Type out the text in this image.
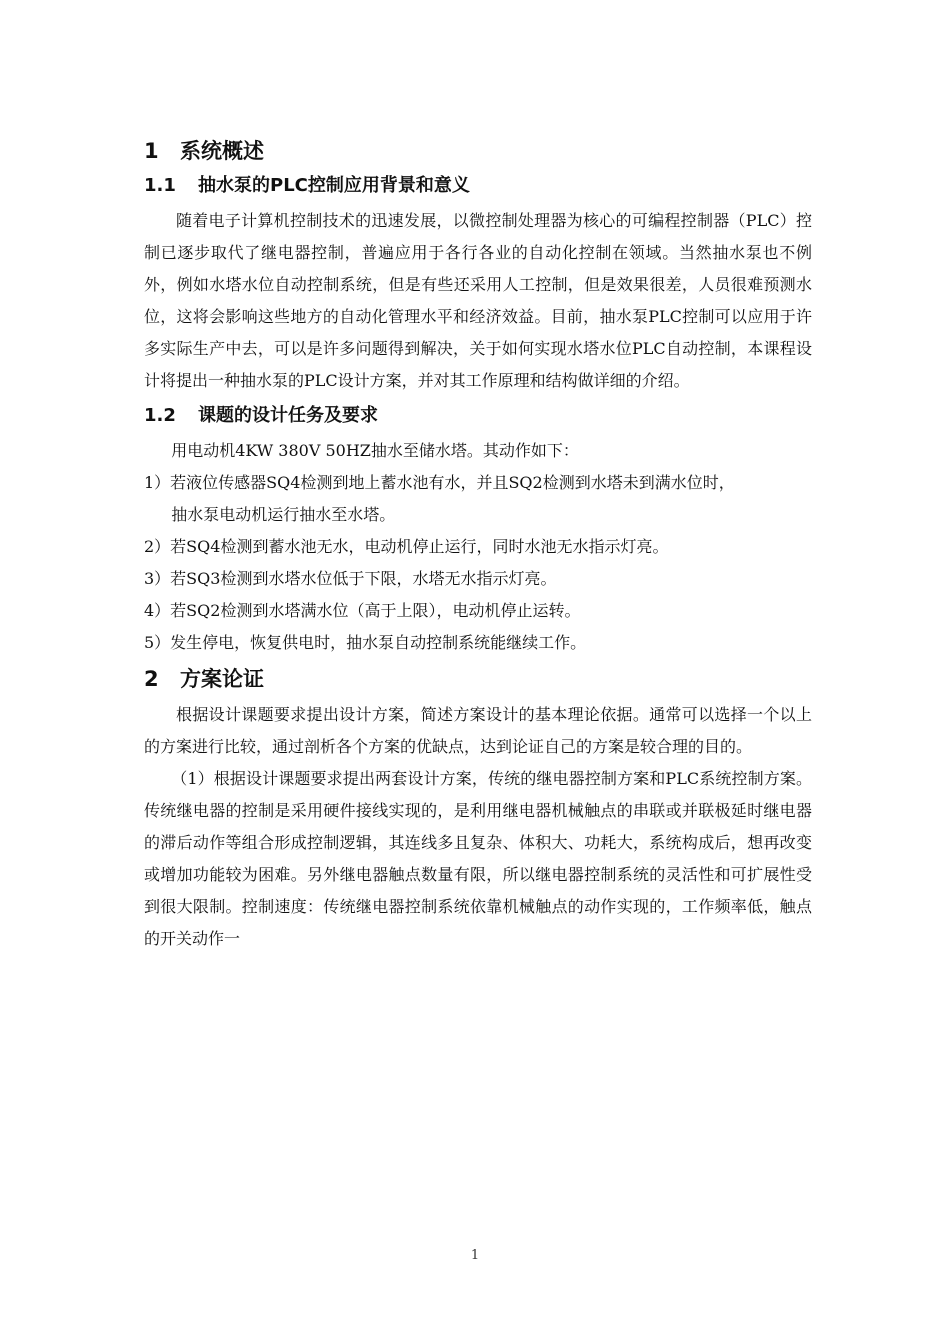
1 系统概述
1.1 抽水泵的PLC控制应用背景和意义

随着电子计算机控制技术的迅速发展，以微控制处理器为核心的可编程控制器（PLC）控制已逐步取代了继电器控制，普遍应用于各行各业的自动化控制在领域。当然抽水泵也不例外，例如水塔水位自动控制系统，但是有些还采用人工控制，但是效果很差，人员很难预测水位，这将会影响这些地方的自动化管理水平和经济效益。目前，抽水泵PLC控制可以应用于许多实际生产中去，可以是许多问题得到解决，关于如何实现水塔水位PLC自动控制，本课程设计将提出一种抽水泵的PLC设计方案，并对其工作原理和结构做详细的介绍。

1.2 课题的设计任务及要求

用电动机4KW 380V 50HZ抽水至储水塔。其动作如下：

1）若液位传感器SQ4检测到地上蓄水池有水，并且SQ2检测到水塔未到满水位时，

抽水泵电动机运行抽水至水塔。

2）若SQ4检测到蓄水池无水，电动机停止运行，同时水池无水指示灯亮。

3）若SQ3检测到水塔水位低于下限，水塔无水指示灯亮。

4）若SQ2检测到水塔满水位（高于上限），电动机停止运转。

5）发生停电，恢复供电时，抽水泵自动控制系统能继续工作。

2 方案论证

根据设计课题要求提出设计方案，简述方案设计的基本理论依据。通常可以选择一个以上的方案进行比较，通过剖析各个方案的优缺点，达到论证自己的方案是较合理的目的。

（1）根据设计课题要求提出两套设计方案，传统的继电器控制方案和PLC系统控制方案。传统继电器的控制是采用硬件接线实现的，是利用继电器机械触点的串联或并联极延时继电器的滞后动作等组合形成控制逻辑，其连线多且复杂、体积大、功耗大，系统构成后，想再改变或增加功能较为困难。另外继电器触点数量有限，所以继电器控制系统的灵活性和可扩展性受到很大限制。控制速度：传统继电器控制系统依靠机械触点的动作实现的，工作频率低，触点的开关动作一

1
